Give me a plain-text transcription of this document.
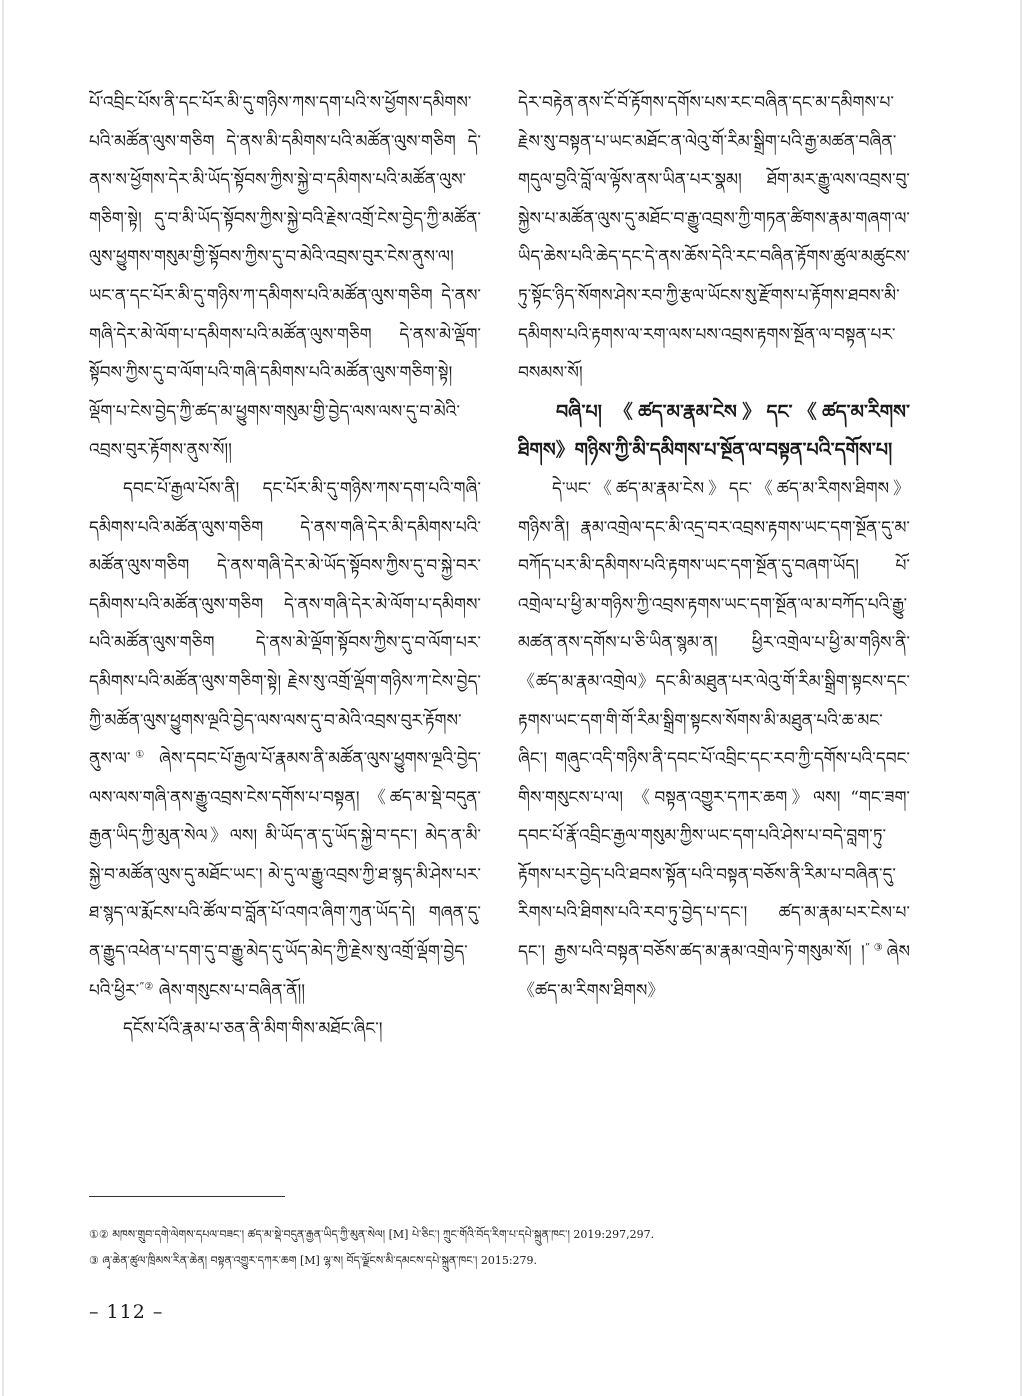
པོ་འབྲིང་པོས་ནི་དང་པོར་མི་དུ་གཉིས་ཀས་དག་པའི་ས་ཕྱོགས་དམིགས་པའི་མཚོན་ལུས་གཅིག དེ་ནས་མི་དམིགས་པའི་མཚོན་ལུས་གཅིག དེ་ནས་ས་ཕྱོགས་དེར་མི་ཡོད་སྟོབས་ཀྱིས་སྐྱེ་བ་དམིགས་པའི་མཚོན་ལུས་གཅིག་སྟེ། དུ་བ་མི་ཡོད་སྟོབས་ཀྱིས་སྐྱེ་བའི་རྗེས་འགྲོ་ངེས་བྱེད་ཀྱི་མཚོན་ལུས་ཕྱུགས་གསུམ་གྱི་སྟོབས་ཀྱིས་དུ་བ་མེའི་འབྲས་བུར་ངེས་ནུས་ལ། ཡང་ན་དང་པོར་མི་དུ་གཉིས་ཀ་དམིགས་པའི་མཚོན་ལུས་གཅིག དེ་ནས་གཞི་དེར་མེ་ལོག་པ་དམིགས་པའི་མཚོན་ལུས་གཅིག དེ་ནས་མེ་ལྡོག་སྟོབས་ཀྱིས་དུ་བ་ལོག་པའི་གཞི་དམིགས་པའི་མཚོན་ལུས་གཅིག་སྟེ། ལྡོག་པ་ངེས་བྱེད་ཀྱི་ཚད་མ་ཕྱུགས་གསུམ་གྱི་བྱེད་ལས་ལས་དུ་བ་མེའི་འབྲས་བུར་རྟོགས་ནུས་སོ།།

དབང་པོ་རྒྱལ་པོས་ནི། དང་པོར་མི་དུ་གཉིས་ཀས་དག་པའི་གཞི་དམིགས་པའི་མཚོན་ལུས་གཅིག དེ་ནས་གཞི་དེར་མི་དམིགས་པའི་མཚོན་ལུས་གཅིག དེ་ནས་གཞི་དེར་མེ་ཡོད་སྟོབས་ཀྱིས་དུ་བ་སྐྱེ་བར་དམིགས་པའི་མཚོན་ལུས་གཅིག དེ་ནས་གཞི་དེར་མེ་ལོག་པ་དམིགས་པའི་མཚོན་ལུས་གཅིག དེ་ནས་མེ་ལྡོག་སྟོབས་ཀྱིས་དུ་བ་ལོག་པར་དམིགས་པའི་མཚོན་ལུས་གཅིག་སྟེ། རྗེས་སུ་འགྲོ་ལྡོག་གཉིས་ཀ་ངེས་བྱེད་ཀྱི་མཚོན་ལུས་ཕྱུགས་ལྔའི་བྱེད་ལས་ལས་དུ་བ་མེའི་འབྲས་བུར་རྟོགས་ནུས་ལ་① ཞེས་དབང་པོ་རྒྱལ་པོ་རྣམས་ནི་མཚོན་ལུས་ཕྱུགས་ལྔའི་བྱེད་ལས་ལས་གཞི་ནས་རྒྱུ་འབྲས་ངེས་དགོས་པ་བསྟན། 《ཚད་མ་སྡེ་བདུན་རྒྱན་ཡིད་ཀྱི་མུན་སེལ》ལས། མི་ཡོད་ན་དུ་ཡོད་སྐྱེ་བ་དང་། མེད་ན་མི་སྐྱེ་བ་མཚོན་ལུས་དུ་མཐོང་ཡང་། མེ་དུ་ལ་རྒྱུ་འབྲས་ཀྱི་ཐ་སྙད་མི་ཤེས་པར་ཐ་སྙད་ལ་རྨོངས་པའི་ཚོལ་བ་བློན་པོ་འགའ་ཞིག་ཀུན་ཡོད་དེ། གཞན་དུ་ན་རྒྱུད་འཕེན་པ་དག་དུ་བ་རྒྱུ་མེད་དུ་ཡོད་མེད་ཀྱི་རྗེས་སུ་འགྲོ་ལྡོག་བྱེད་པའི་ཕྱིར་”② ཞེས་གསུངས་པ་བཞིན་ནོ།།

དངོས་པོའི་རྣམ་པ་ཅན་ནི་མིག་གིས་མཐོང་ཞིང་།

དེར་བརྟེན་ནས་ངོ་བོ་རྟོགས་དགོས་པས་རང་བཞིན་དང་མ་དམིགས་པ་རྗེས་སུ་བསྟན་པ་ཡང་མཐོང་ན་ལེའུ་གོ་རིམ་སྒྲིག་པའི་རྒྱ་མཚན་བཞིན་གདུལ་བྱའི་བློ་ལ་ལྟོས་ནས་ཡིན་པར་སྣམ། ཐོག་མར་རྒྱུ་ལས་འབྲས་བུ་སྐྱེས་པ་མཚོན་ལུས་དུ་མཐོང་བ་རྒྱུ་འབྲས་ཀྱི་གཏན་ཚིགས་རྣམ་གཞག་ལ་ཡིད་ཆེས་པའི་ཆེད་དང་དེ་ནས་ཆོས་དེའི་རང་བཞིན་རྟོགས་ཚུལ་མཚུངས་ཏུ་སྟོང་ཉིད་སོགས་ཤེས་རབ་ཀྱི་རྩལ་ཡོངས་སུ་རྫོགས་པ་རྟོགས་ཐབས་མི་དམིགས་པའི་རྟགས་ལ་རག་ལས་པས་འབྲས་རྟགས་སྔོན་ལ་བསྟན་པར་བསམས་སོ།

བཞི་པ། 《ཚད་མ་རྣམ་ངེས》དང་《ཚད་མ་རིགས་ཐིགས》གཉིས་ཀྱི་མི་དམིགས་པ་སྔོན་ལ་བསྟན་པའི་དགོས་པ།

དེ་ཡང་《ཚད་མ་རྣམ་ངེས》དང་《ཚད་མ་རིགས་ཐིགས》གཉིས་ནི། རྣམ་འགྲེལ་དང་མི་འདྲ་བར་འབྲས་རྟགས་ཡང་དག་སྔོན་དུ་མ་བཀོད་པར་མི་དམིགས་པའི་རྟགས་ཡང་དག་སྔོན་དུ་བཞག་ཡོད། པོ་འགྲེལ་པ་ཕྱི་མ་གཉིས་ཀྱི་འབྲས་རྟགས་ཡང་དག་སྔོན་ལ་མ་བཀོད་པའི་རྒྱུ་མཚན་ནས་དགོས་པ་ཅི་ཡིན་སྙམ་ན། ཕྱིར་འགྲེལ་པ་ཕྱི་མ་གཉིས་ནི་《ཚད་མ་རྣམ་འགྲེལ》དང་མི་མཐུན་པར་ལེའུ་གོ་རིམ་སྒྲིག་སྟངས་དང་རྟགས་ཡང་དག་གི་གོ་རིམ་སྒྲིག་སྟངས་སོགས་མི་མཐུན་པའི་ཆ་མང་ཞིང་། གཞུང་འདི་གཉིས་ནི་དབང་པོ་འབྲིང་དང་རབ་ཀྱི་དགོས་པའི་དབང་གིས་གསུངས་པ་ལ། 《བསྟན་འགྱུར་དཀར་ཆག》ལས། “གང་ཟག་དབང་པོ་རྣོ་འབྲིང་རྒྱལ་གསུམ་ཀྱིས་ཡང་དག་པའི་ཤེས་པ་བདེ་བླག་ཏུ་རྟོགས་པར་བྱེད་པའི་ཐབས་སྟོན་པའི་བསྟན་བཅོས་ནི་རིམ་པ་བཞིན་དུ་རིགས་པའི་ཐིགས་པའི་རབ་ཏུ་བྱེད་པ་དང་། ཚད་མ་རྣམ་པར་ངེས་པ་དང་། རྒྱས་པའི་བསྟན་བཅོས་ཚད་མ་རྣམ་འགྲེལ་ཏེ་གསུམ་སོ། །”③ཞེས《ཚད་མ་རིགས་ཐིགས》

①② མཁས་གྲུབ་དགེ་ལེགས་དཔལ་བཟང་། ཚད་མ་སྡེ་བདུན་རྒྱན་ཡིད་ཀྱི་མུན་སེལ། [M] པེ་ཅིང་། ཀྲུང་གོའི་བོད་རིག་པ་དཔེ་སྐྲུན་ཁང་། 2019:297,297.
③ ཞྭ་ཆེན་ཚུལ་ཁྲིམས་རིན་ཆེན། བསྟན་འགྱུར་དཀར་ཆག [M] ལྷ་ས། བོད་ལྗོངས་མི་དམངས་དཔེ་སྐྲུན་ཁང་། 2015:279.
– 112 –
